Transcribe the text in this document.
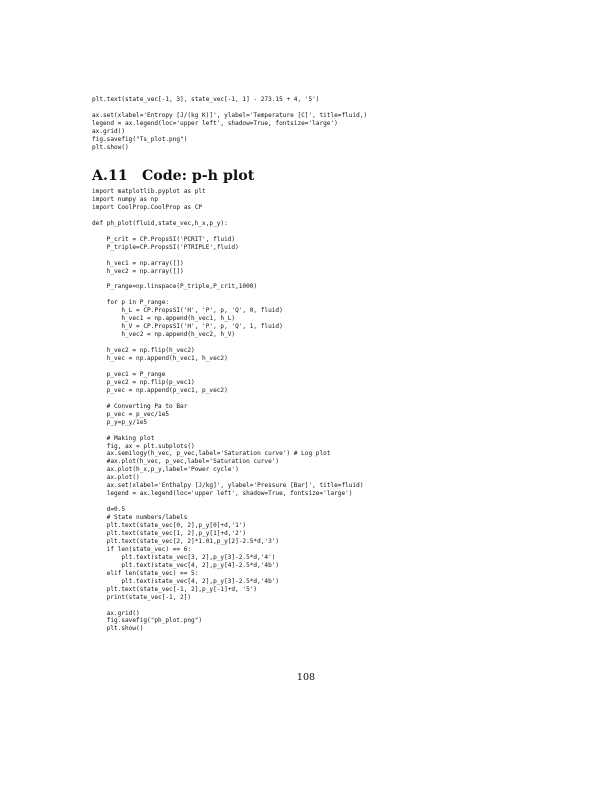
plt.text(state_vec[-1, 3], state_vec[-1, 1] - 273.15 + 4, '5')

ax.set(xlabel='Entropy [J/(kg K)]', ylabel='Temperature [C]', title=fluid,)
legend = ax.legend(loc='upper left', shadow=True, fontsize='large')
ax.grid()
fig.savefig("Ts_plot.png")
plt.show()

A.11 Code: p-h plot
import matplotlib.pyplot as plt
import numpy as np
import CoolProp.CoolProp as CP

def ph_plot(fluid,state_vec,h_x,p_y):

P_crit = CP.PropsSI('PCRIT', fluid)
P_triple=CP.PropsSI('PTRIPLE',fluid)

h_vec1 = np.array([])
h_vec2 = np.array([])

P_range=np.linspace(P_triple,P_crit,1000)

for p in P_range:
h_L = CP.PropsSI('H', 'P', p, 'Q', 0, fluid)
h_vec1 = np.append(h_vec1, h_L)
h_V = CP.PropsSI('H', 'P', p, 'Q', 1, fluid)
h_vec2 = np.append(h_vec2, h_V)

h_vec2 = np.flip(h_vec2)
h_vec = np.append(h_vec1, h_vec2)

p_vec1 = P_range
p_vec2 = np.flip(p_vec1)
p_vec = np.append(p_vec1, p_vec2)

# Converting Pa to Bar
p_vec = p_vec/1e5
p_y=p_y/1e5

# Making plot
fig, ax = plt.subplots()
ax.semilogy(h_vec, p_vec,label='Saturation curve') # Log plot
#ax.plot(h_vec, p_vec,label='Saturation curve')
ax.plot(h_x,p_y,label='Power cycle')
ax.plot()
ax.set(xlabel='Enthalpy [J/kg]', ylabel='Pressure [Bar]', title=fluid)
legend = ax.legend(loc='upper left', shadow=True, fontsize='large')

d=0.5
# State numbers/labels
plt.text(state_vec[0, 2],p_y[0]+d,'1')
plt.text(state_vec[1, 2],p_y[1]+d,'2')
plt.text(state_vec[2, 2]*1.01,p_y[2]-2.5*d,'3')
if len(state_vec) == 6:
plt.text(state_vec[3, 2],p_y[3]-2.5*d,'4')
plt.text(state_vec[4, 2],p_y[4]-2.5*d,'4b')
elif len(state_vec) == 5:
plt.text(state_vec[4, 2],p_y[3]-2.5*d,'4b')
plt.text(state_vec[-1, 2],p_y[-1]+d, '5')
print(state_vec[-1, 2])

ax.grid()
fig.savefig("ph_plot.png")
plt.show()

108
